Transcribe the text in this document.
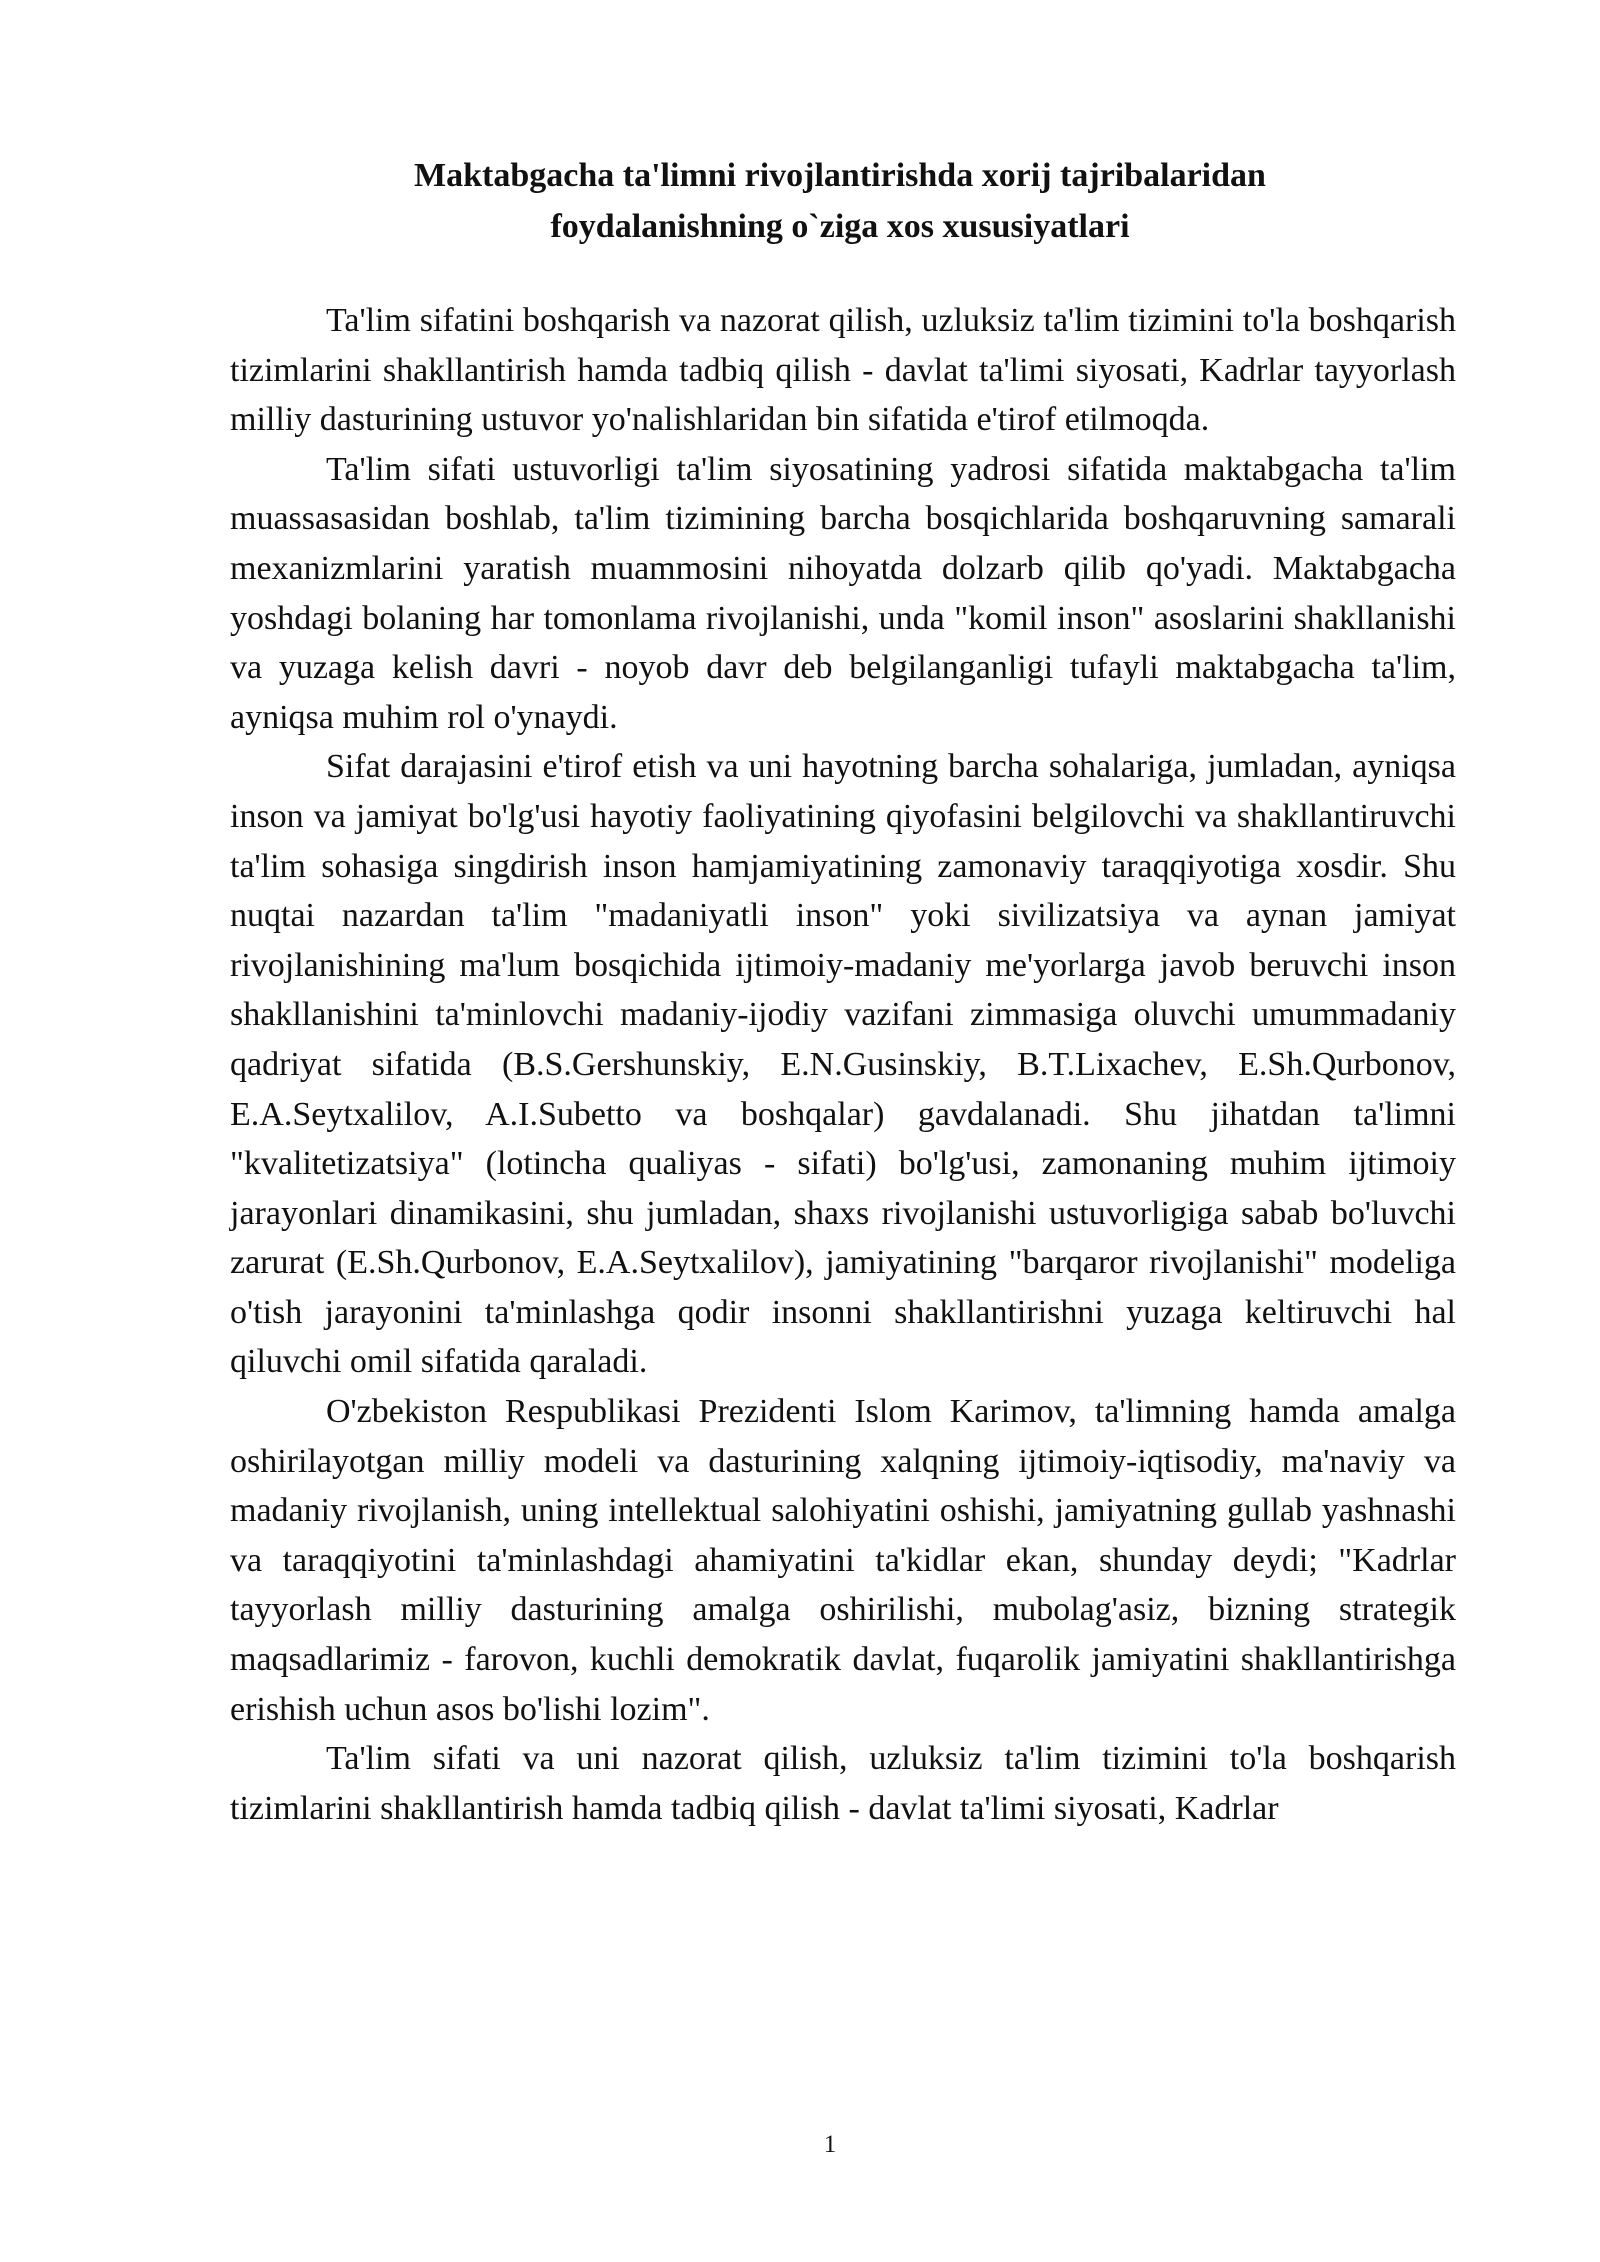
Maktabgacha ta'limni rivojlantirishda xorij tajribalaridan
foydalanishning o`ziga xos xususiyatlari

Ta'lim sifatini boshqarish va nazorat qilish, uzluksiz ta'lim tizimini to'la boshqarish tizimlarini shakllantirish hamda tadbiq qilish - davlat ta'limi siyosati, Kadrlar tayyorlash milliy dasturining ustuvor yo'nalishlaridan bin sifatida e'tirof etilmoqda.

Ta'lim sifati ustuvorligi ta'lim siyosatining yadrosi sifatida maktabgacha ta'lim muassasasidan boshlab, ta'lim tizimining barcha bosqichlarida boshqaruvning samarali mexanizmlarini yaratish muammosini nihoyatda dolzarb qilib qo'yadi. Maktabgacha yoshdagi bolaning har tomonlama rivojlanishi, unda "komil inson" asoslarini shakllanishi va yuzaga kelish davri - noyob davr deb belgilanganligi tufayli maktabgacha ta'lim, ayniqsa muhim rol o'ynaydi.

Sifat darajasini e'tirof etish va uni hayotning barcha sohalariga, jumladan, ayniqsa inson va jamiyat bo'lg'usi hayotiy faoliyatining qiyofasini belgilovchi va shakllantiruvchi ta'lim sohasiga singdirish inson hamjamiyatining zamonaviy taraqqiyotiga xosdir. Shu nuqtai nazardan ta'lim "madaniyatli inson" yoki sivilizatsiya va aynan jamiyat rivojlanishining ma'lum bosqichida ijtimoiy-madaniy me'yorlarga javob beruvchi inson shakllanishini ta'minlovchi madaniy-ijodiy vazifani zimmasiga oluvchi umummadaniy qadriyat sifatida (B.S.Gershunskiy, E.N.Gusinskiy, B.T.Lixachev, E.Sh.Qurbonov, E.A.Seytxalilov, A.I.Subetto va boshqalar) gavdalanadi. Shu jihatdan ta'limni "kvalitetizatsiya" (lotincha qualiyas - sifati) bo'lg'usi, zamonaning muhim ijtimoiy jarayonlari dinamikasini, shu jumladan, shaxs rivojlanishi ustuvorligiga sabab bo'luvchi zarurat (E.Sh.Qurbonov, E.A.Seytxalilov), jamiyatining "barqaror rivojlanishi" modeliga o'tish jarayonini ta'minlashga qodir insonni shakllantirishni yuzaga keltiruvchi hal qiluvchi omil sifatida qaraladi.

O'zbekiston Respublikasi Prezidenti Islom Karimov, ta'limning hamda amalga oshirilayotgan milliy modeli va dasturining xalqning ijtimoiy-iqtisodiy, ma'naviy va madaniy rivojlanish, uning intellektual salohiyatini oshishi, jamiyatning gullab yashnashi va taraqqiyotini ta'minlashdagi ahamiyatini ta'kidlar ekan, shunday deydi; "Kadrlar tayyorlash milliy dasturining amalga oshirilishi, mubolag'asiz, bizning strategik maqsadlarimiz - farovon, kuchli demokratik davlat, fuqarolik jamiyatini shakllantirishga erishish uchun asos bo'lishi lozim".

Ta'lim sifati va uni nazorat qilish, uzluksiz ta'lim tizimini to'la boshqarish tizimlarini shakllantirish hamda tadbiq qilish - davlat ta'limi siyosati, Kadrlar

1
